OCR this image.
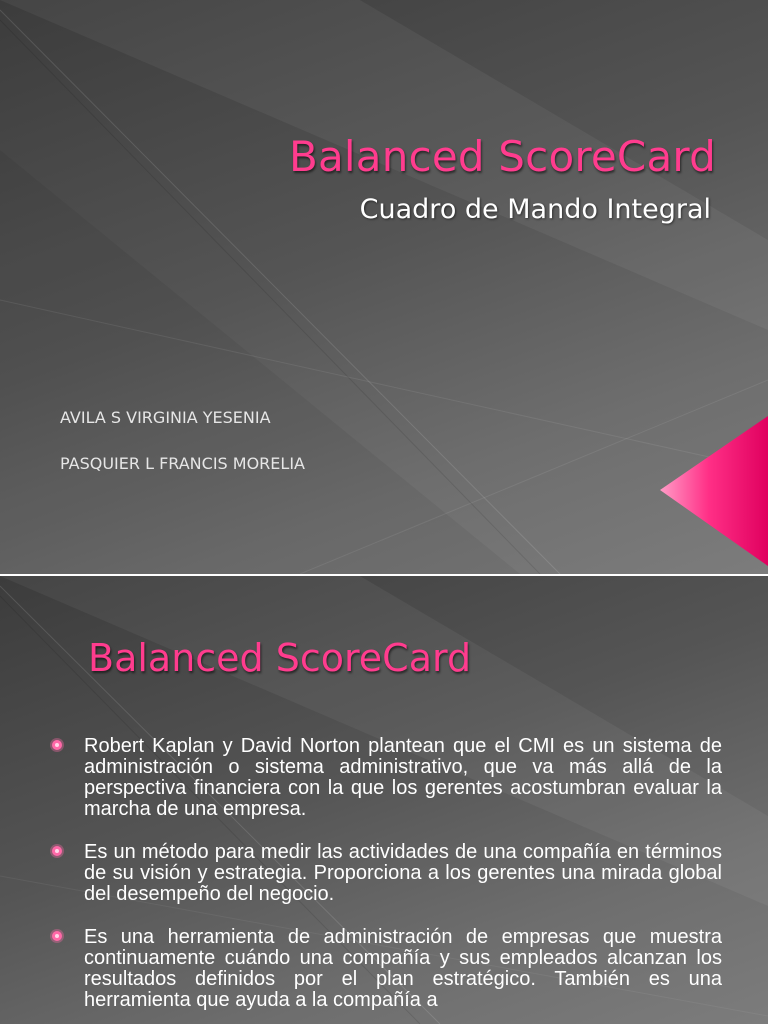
Balanced ScoreCard
Cuadro de Mando Integral
AVILA S VIRGINIA YESENIA
PASQUIER L FRANCIS MORELIA
Balanced ScoreCard
Robert Kaplan y David Norton plantean que el CMI es un sistema de administración o sistema administrativo, que va más allá de la perspectiva financiera con la que los gerentes acostumbran evaluar la marcha de una empresa.
Es un método para medir las actividades de una compañía en términos de su visión y estrategia. Proporciona a los gerentes una mirada global del desempeño del negocio.
Es una herramienta de administración de empresas que muestra continuamente cuándo una compañía y sus empleados alcanzan los resultados definidos por el plan estratégico. También es una herramienta que ayuda a la compañía a
